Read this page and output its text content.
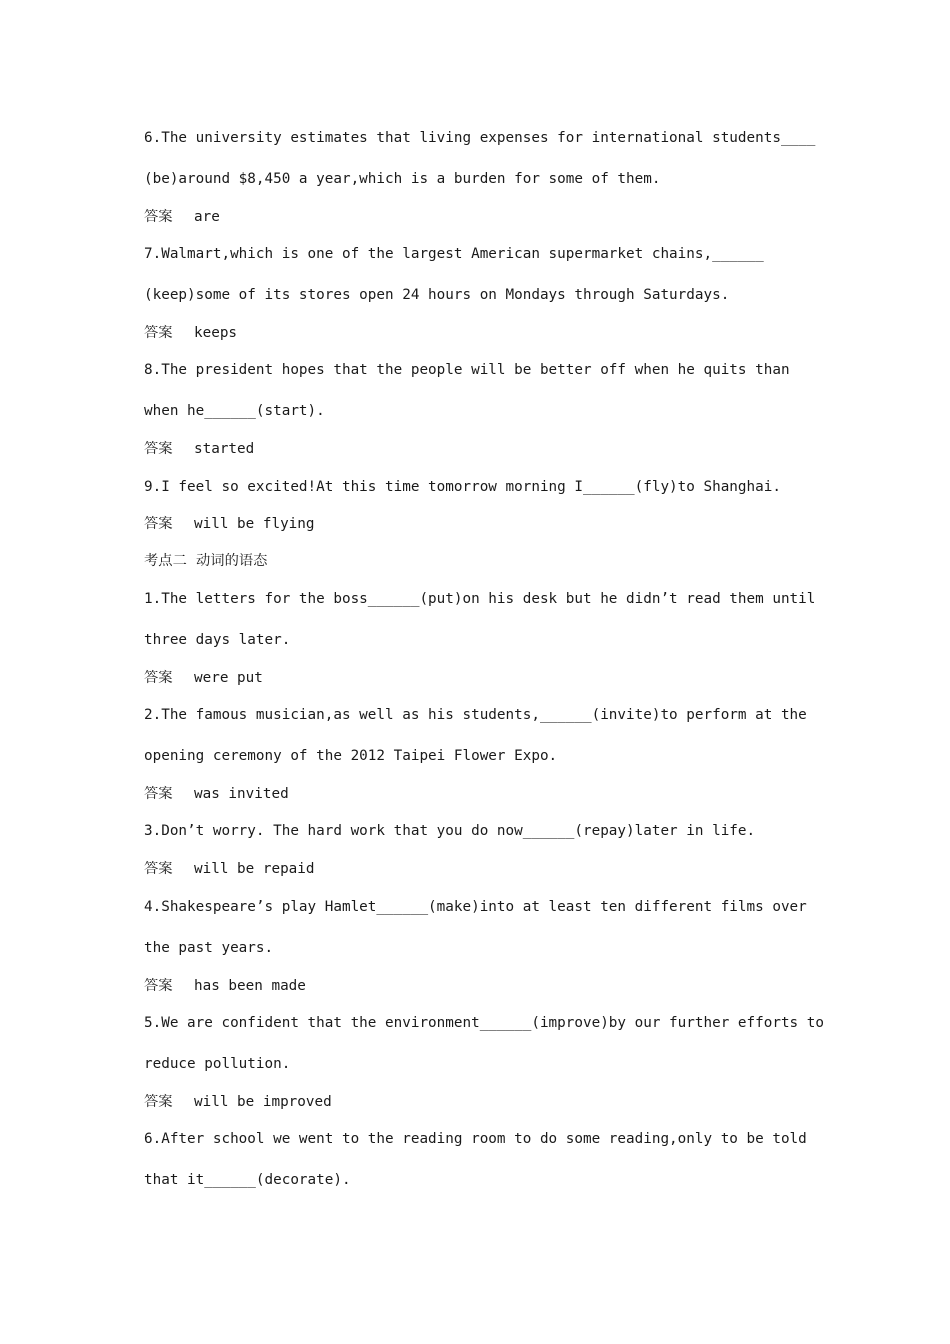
6.The university estimates that living expenses for international students____
(be)around $8,450 a year,which is a burden for some of them.
答案 are
7.Walmart,which is one of the largest American supermarket chains,______
(keep)some of its stores open 24 hours on Mondays through Saturdays.
答案 keeps
8.The president hopes that the people will be better off when he quits than
when he______(start).
答案 started
9.I feel so excited!At this time tomorrow morning I______(fly)to Shanghai.
答案 will be flying
考点二  动词的语态
1.The letters for the boss______(put)on his desk but he didn’t read them until
three days later.
答案 were put
2.The famous musician,as well as his students,______(invite)to perform at the
opening ceremony of the 2012 Taipei Flower Expo.
答案 was invited
3.Don’t worry. The hard work that you do now______(repay)later in life.
答案 will be repaid
4.Shakespeare’s play Hamlet______(make)into at least ten different films over
the past years.
答案 has been made
5.We are confident that the environment______(improve)by our further efforts to
reduce pollution.
答案 will be improved
6.After school we went to the reading room to do some reading,only to be told
that it______(decorate).
